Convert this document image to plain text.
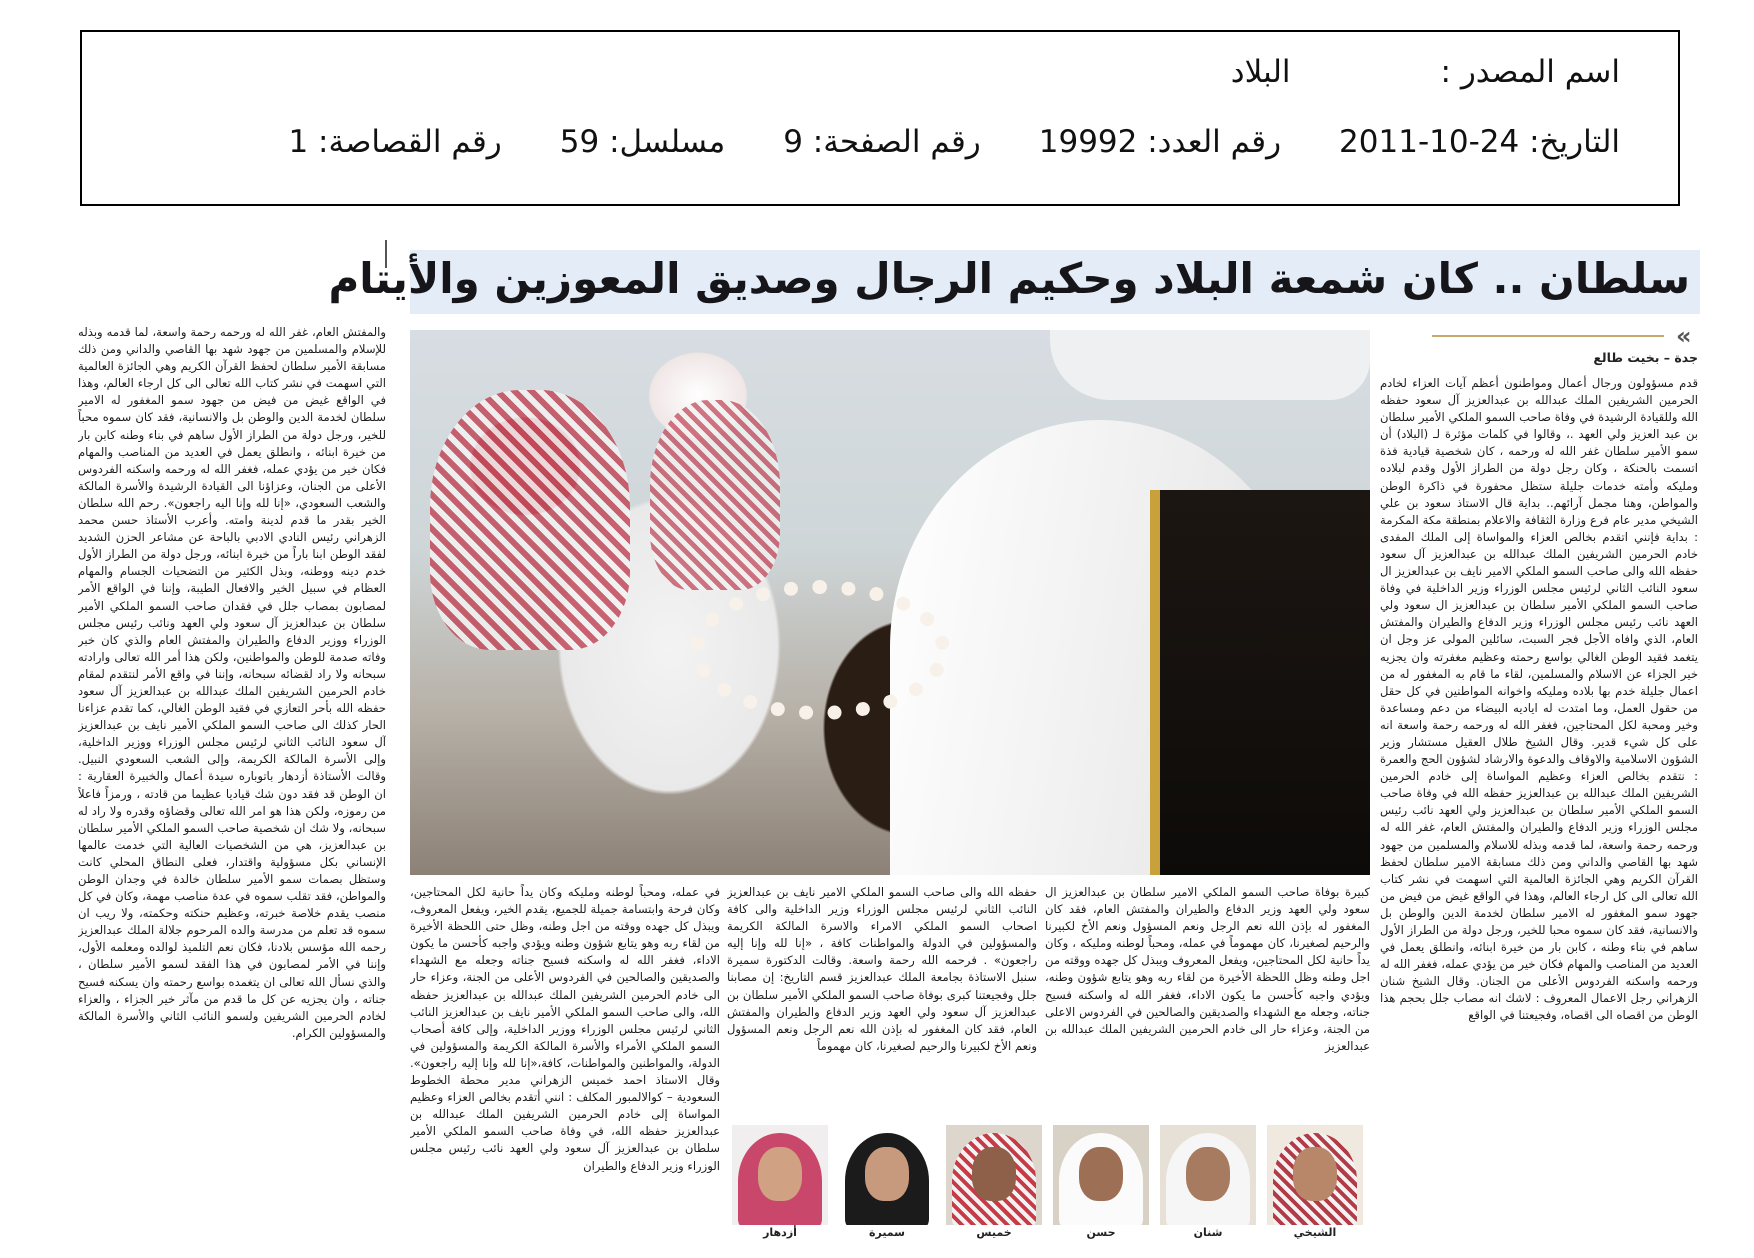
اسم المصدر :البلاد
التاريخ: 24-10-2011رقم العدد: 19992رقم الصفحة: 9مسلسل: 59رقم القصاصة: 1
سلطان .. كان شمعة البلاد وحكيم الرجال وصديق المعوزين والأيتام
«
جدة – بخيت طالع
قدم مسؤولون ورجال أعمال ومواطنون أعظم آيات العزاء لخادم الحرمين الشريفين الملك عبدالله بن عبدالعزيز آل سعود حفظه الله وللقيادة الرشيدة في وفاة صاحب السمو الملكي الأمير سلطان بن عبد العزيز ولي العهد .، وقالوا في كلمات مؤثرة لـ (البلاد) أن سمو الأمير سلطان غفر الله له ورحمه ، كان شخصية قيادية فذة اتسمت بالحنكة ، وكان رجل دولة من الطراز الأول وقدم لبلاده ومليكه وأمته خدمات جليلة ستظل محفورة في ذاكرة الوطن والمواطن، وهنا مجمل آرائهم.. بداية قال الاستاذ سعود بن علي الشيخي مدير عام فرع وزارة الثقافة والاعلام بمنطقة مكة المكرمة : بداية فإنني اتقدم بخالص العزاء والمواساة إلى الملك المفدى خادم الحرمين الشريفين الملك عبدالله بن عبدالعزيز آل سعود حفظه الله والى صاحب السمو الملكي الامير نايف بن عبدالعزيز ال سعود النائب الثاني لرئيس مجلس الوزراء وزير الداخلية في وفاة صاحب السمو الملكي الأمير سلطان بن عبدالعزيز ال سعود ولي العهد نائب رئيس مجلس الوزراء وزير الدفاع والطيران والمفتش العام، الذي وافاه الأجل فجر السبت، سائلين المولى عز وجل ان يتغمد فقيد الوطن الغالي بواسع رحمته وعظيم مغفرته وان يجزيه خير الجزاء عن الاسلام والمسلمين، لقاء ما قام به المغفور له من اعمال جليلة خدم بها بلاده ومليكه واخوانه المواطنين في كل حقل من حقول العمل، وما امتدت له اياديه البيضاء من دعم ومساعدة وخير ومحبة لكل المحتاجين، فغفر الله له ورحمه رحمة واسعة انه على كل شيء قدير. وقال الشيخ طلال العقيل مستشار وزير الشؤون الاسلامية والاوقاف والدعوة والارشاد لشؤون الحج والعمرة : نتقدم بخالص العزاء وعظيم المواساة إلى خادم الحرمين الشريفين الملك عبدالله بن عبدالعزيز حفظه الله في وفاة صاحب السمو الملكي الأمير سلطان بن عبدالعزيز ولي العهد نائب رئيس مجلس الوزراء وزير الدفاع والطيران والمفتش العام، غفر الله له ورحمه رحمة واسعة، لما قدمه وبذله للاسلام والمسلمين من جهود شهد بها القاصي والداني ومن ذلك مسابقة الامير سلطان لحفظ القرآن الكريم وهي الجائزة العالمية التي اسهمت في نشر كتاب الله تعالى الى كل ارجاء العالم، وهذا في الواقع غيض من فيض من جهود سمو المغفور له الامير سلطان لخدمة الدين والوطن بل والانسانية، فقد كان سموه محبا للخير، ورجل دولة من الطراز الأول ساهم في بناء وطنه ، كابن بار من خيرة ابنائه، وانطلق يعمل في العديد من المناصب والمهام فكان خير من يؤدي عمله، فغفر الله له ورحمه واسكنه الفردوس الأعلى من الجنان. وقال الشيخ شنان الزهراني رجل الاعمال المعروف : لاشك انه مصاب جلل بحجم هذا الوطن من اقصاه الى اقصاه، وفجيعتنا في الواقع
كبيرة بوفاة صاحب السمو الملكي الامير سلطان بن عبدالعزيز ال سعود ولي العهد وزير الدفاع والطيران والمفتش العام، فقد كان المغفور له بإذن الله نعم الرجل ونعم المسؤول ونعم الأخ لكبيرنا والرحيم لصغيرنا، كان مهموماً في عمله، ومحباً لوطنه ومليكه ، وكان يداً حانية لكل المحتاجين، ويفعل المعروف ويبذل كل جهده ووقته من اجل وطنه وظل اللحظة الأخيرة من لقاء ربه وهو يتابع شؤون وطنه، ويؤدي واجبه كأحسن ما يكون الاداء، فغفر الله له واسكنه فسيح جناته، وجعله مع الشهداء والصديقين والصالحين في الفردوس الاعلى من الجنة، وعزاء حار الى خادم الحرمين الشريفين الملك عبدالله بن عبدالعزيز
حفظه الله والى صاحب السمو الملكي الامير نايف بن عبدالعزيز النائب الثاني لرئيس مجلس الوزراء وزير الداخلية والى كافة اصحاب السمو الملكي الامراء والاسرة المالكة الكريمة والمسؤولين في الدولة والمواطنات كافة ، «إنا لله وإنا إليه راجعون» . فرحمه الله رحمة واسعة. وقالت الدكتورة سميرة سنبل الاستاذة بجامعة الملك عبدالعزيز قسم التاريخ: إن مصابنا جلل وفجيعتنا كبرى بوفاة صاحب السمو الملكي الأمير سلطان بن عبدالعزيز آل سعود ولي العهد وزير الدفاع والطيران والمفتش العام، فقد كان المغفور له بإذن الله نعم الرجل ونعم المسؤول ونعم الأخ لكبيرنا والرحيم لصغيرنا، كان مهموماً
في عمله، ومحباً لوطنه ومليكه وكان يداً حانية لكل المحتاجين، وكان فرحة وابتسامة جميلة للجميع، يقدم الخير، ويفعل المعروف، ويبذل كل جهده ووقته من اجل وطنه، وظل حتى اللحظة الأخيرة من لقاء ربه وهو يتابع شؤون وطنه ويؤدي واجبه كأحسن ما يكون الاداء، فغفر الله له واسكنه فسيح جناته وجعله مع الشهداء والصديقين والصالحين في الفردوس الأعلى من الجنة، وعزاء حار الى خادم الحرمين الشريفين الملك عبدالله بن عبدالعزيز حفظه الله، والى صاحب السمو الملكي الأمير نايف بن عبدالعزيز النائب الثاني لرئيس مجلس الوزراء ووزير الداخلية، وإلى كافة أصحاب السمو الملكي الأمراء والأسرة المالكة الكريمة والمسؤولين في الدولة، والمواطنين والمواطنات، كافة،«إنا لله وإنا إليه راجعون». وقال الاستاذ احمد خميس الزهراني مدير محطة الخطوط السعودية – كوالالمبور المكلف : انني أتقدم بخالص العزاء وعظيم المواساة إلى خادم الحرمين الشريفين الملك عبدالله بن عبدالعزيز حفظه الله، في وفاة صاحب السمو الملكي الأمير سلطان بن عبدالعزيز آل سعود ولي العهد نائب رئيس مجلس الوزراء وزير الدفاع والطيران
والمفتش العام، غفر الله له ورحمه رحمة واسعة، لما قدمه وبذله للإسلام والمسلمين من جهود شهد بها القاصي والداني ومن ذلك مسابقة الأمير سلطان لحفظ القرآن الكريم وهي الجائزة العالمية التي اسهمت في نشر كتاب الله تعالى الى كل ارجاء العالم، وهذا في الواقع غيض من فيض من جهود سمو المغفور له الامير سلطان لخدمة الدين والوطن بل والانسانية، فقد كان سموه محباً للخير، ورجل دولة من الطراز الأول ساهم في بناء وطنه كابن بار من خيرة ابنائه ، وانطلق يعمل في العديد من المناصب والمهام فكان خير من يؤدي عمله، فغفر الله له ورحمه واسكنه الفردوس الأعلى من الجنان، وعزاؤنا الى القيادة الرشيدة والأسرة المالكة والشعب السعودي، «إنا لله وإنا اليه راجعون». رحم الله سلطان الخير بقدر ما قدم لدينة وامته. وأعرب الأستاذ حسن محمد الزهراني رئيس النادي الادبي بالباحة عن مشاعر الحزن الشديد لفقد الوطن ابنا باراً من خيرة ابنائه، ورجل دولة من الطراز الأول خدم دينه ووطنه، وبذل الكثير من التضحيات الجسام والمهام العظام في سبيل الخير والافعال الطيبة، وإننا في الواقع الأمر لمصابون بمصاب جلل في فقدان صاحب السمو الملكي الأمير سلطان بن عبدالعزيز آل سعود ولي العهد ونائب رئيس مجلس الوزراء ووزير الدفاع والطيران والمفتش العام والذي كان خبر وفاته صدمة للوطن والمواطنين، ولكن هذا أمر الله تعالى وارادته سبحانه ولا راد لقضائه سبحانه، وإننا في واقع الأمر لنتقدم لمقام خادم الحرمين الشريفين الملك عبدالله بن عبدالعزيز آل سعود حفظه الله بأحر التعازي في فقيد الوطن الغالي، كما تقدم عزاءنا الحار كذلك الى صاحب السمو الملكي الأمير نايف بن عبدالعزيز آل سعود النائب الثاني لرئيس مجلس الوزراء ووزير الداخلية، وإلى الأسرة المالكة الكريمة، وإلى الشعب السعودي النبيل. وقالت الأستاذة أزدهار باتوباره سيدة أعمال والخبيرة العقارية : ان الوطن قد فقد دون شك قياديا عظيما من قادته ، ورمزاً فاعلاً من رموزه، ولكن هذا هو امر الله تعالى وقضاؤه وقدره ولا راد له سبحانه، ولا شك ان شخصية صاحب السمو الملكي الأمير سلطان بن عبدالعزيز، هي من الشخصيات العالية التي خدمت عالمها الإنساني بكل مسؤولية واقتدار، فعلى النطاق المحلي كانت وستظل بصمات سمو الأمير سلطان خالدة في وجدان الوطن والمواطن، فقد تقلب سموه في عدة مناصب مهمة، وكان في كل منصب يقدم خلاصة خبرته، وعظيم حنكته وحكمته، ولا ريب ان سموه قد تعلم من مدرسة والده المرحوم جلالة الملك عبدالعزيز رحمه الله مؤسس بلادنا، فكان نعم التلميذ لوالده ومعلمه الأول، وإننا في الأمر لمصابون في هذا الفقد لسمو الأمير سلطان ، والذي نسأل الله تعالى ان يتغمده بواسع رحمته وان يسكنه فسيح جناته ، وان يجزيه عن كل ما قدم من مآثر خير الجزاء ، والعزاء لخادم الحرمين الشريفين ولسمو النائب الثاني والأسرة المالكة والمسؤولين الكرام.
الشيخي
شنان
حسن
خميس
سميرة
أزدهار
